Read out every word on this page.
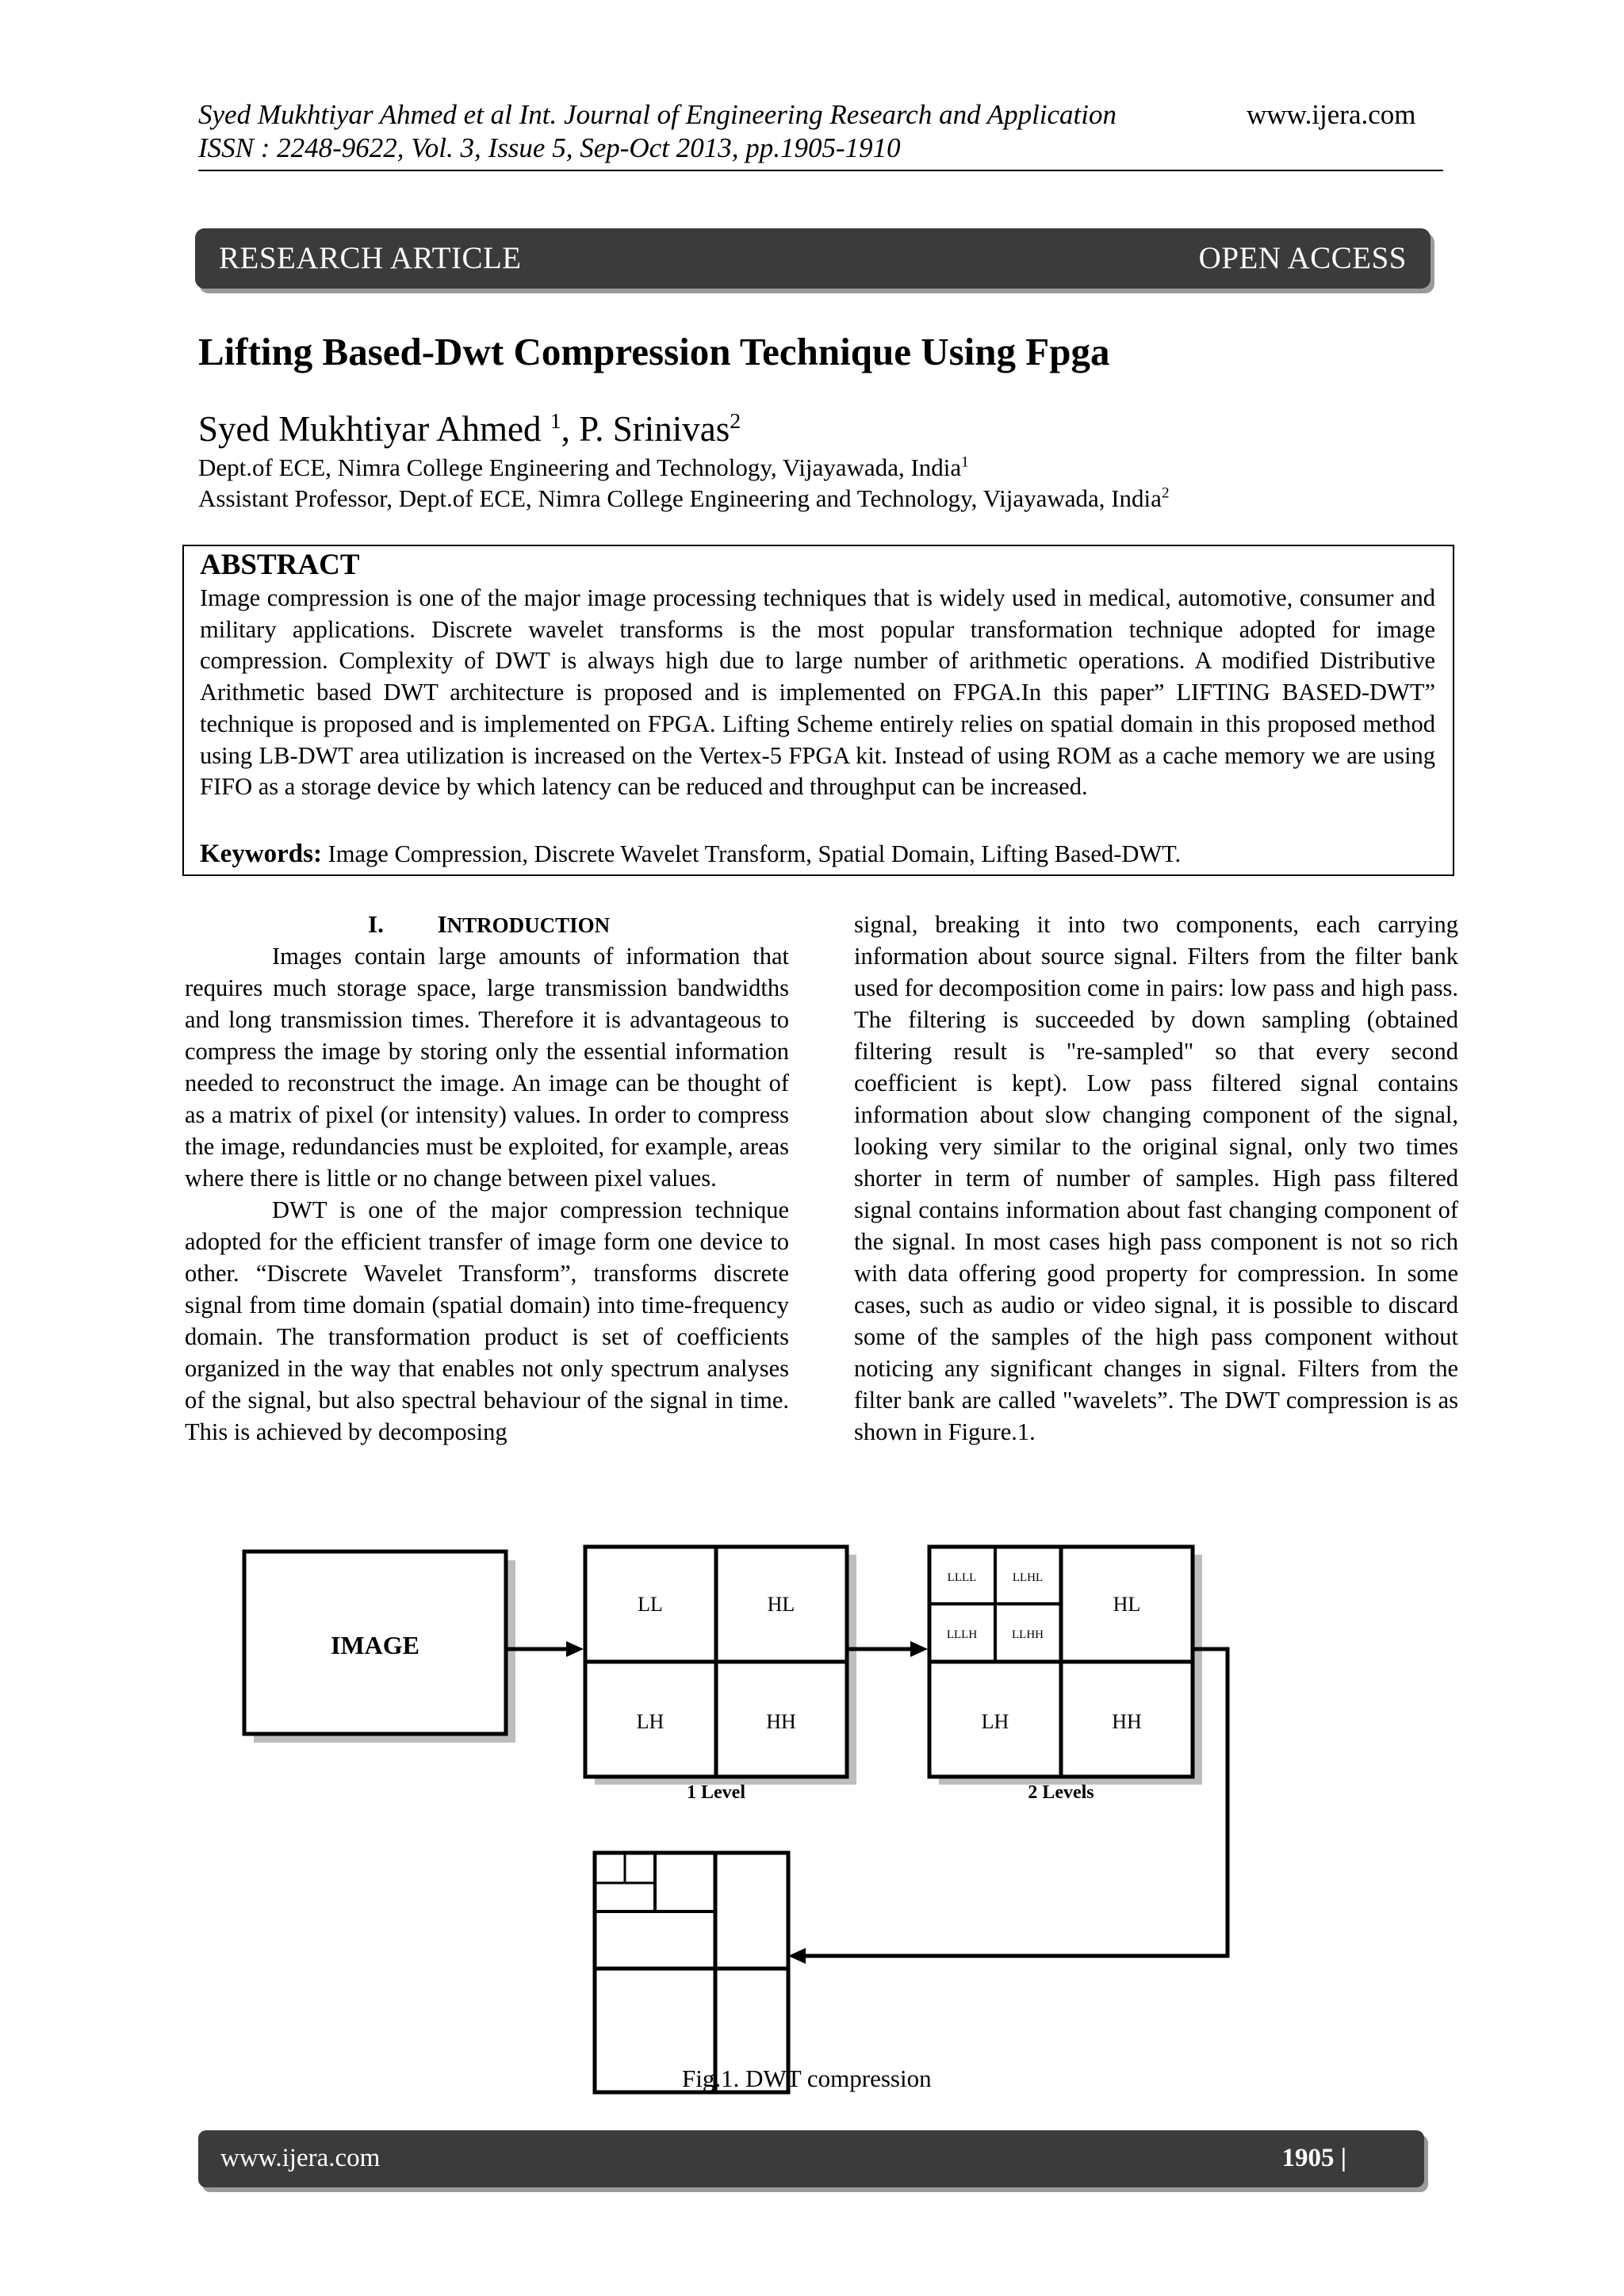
Syed Mukhtiyar Ahmed et al Int. Journal of Engineering Research and Application	www.ijera.com
ISSN : 2248-9622, Vol. 3, Issue 5, Sep-Oct 2013, pp.1905-1910
RESEARCH ARTICLE	OPEN ACCESS
Lifting Based-Dwt Compression Technique Using Fpga
Syed Mukhtiyar Ahmed $^1$, P. Srinivas$^2$
Dept.of ECE, Nimra College Engineering and Technology, Vijayawada, India$^1$
Assistant Professor, Dept.of ECE, Nimra College Engineering and Technology, Vijayawada, India$^2$
ABSTRACT
Image compression is one of the major image processing techniques that is widely used in medical, automotive, consumer and military applications. Discrete wavelet transforms is the most popular transformation technique adopted for image compression. Complexity of DWT is always high due to large number of arithmetic operations. A modified Distributive Arithmetic based DWT architecture is proposed and is implemented on FPGA.In this paper” LIFTING BASED-DWT” technique is proposed and is implemented on FPGA. Lifting Scheme entirely relies on spatial domain in this proposed method using LB-DWT area utilization is increased on the Vertex-5 FPGA kit. Instead of using ROM as a cache memory we are using FIFO as a storage device by which latency can be reduced and throughput can be increased.
Keywords: Image Compression, Discrete Wavelet Transform, Spatial Domain, Lifting Based-DWT.
I. INTRODUCTION

Images contain large amounts of information that requires much storage space, large transmission bandwidths and long transmission times. Therefore it is advantageous to compress the image by storing only the essential information needed to reconstruct the image. An image can be thought of as a matrix of pixel (or intensity) values. In order to compress the image, redundancies must be exploited, for example, areas where there is little or no change between pixel values.

DWT is one of the major compression technique adopted for the efficient transfer of image form one device to other. “Discrete Wavelet Transform”, transforms discrete signal from time domain (spatial domain) into time-frequency domain. The transformation product is set of coefficients organized in the way that enables not only spectrum analyses of the signal, but also spectral behaviour of the signal in time. This is achieved by decomposing

signal, breaking it into two components, each carrying information about source signal. Filters from the filter bank used for decomposition come in pairs: low pass and high pass. The filtering is succeeded by down sampling (obtained filtering result is "re-sampled" so that every second coefficient is kept). Low pass filtered signal contains information about slow changing component of the signal, looking very similar to the original signal, only two times shorter in term of number of samples. High pass filtered signal contains information about fast changing component of the signal. In most cases high pass component is not so rich with data offering good property for compression. In some cases, such as audio or video signal, it is possible to discard some of the samples of the high pass component without noticing any significant changes in signal. Filters from the filter bank are called "wavelets”. The DWT compression is as shown in Figure.1.

IMAGE
LL	HL
LH	HH
1 Level
LLLL	LLHL
LLLH	LLHH
HL
LH	HH
2 Levels
Fig.1. DWT compression
www.ijera.com	1905 |
